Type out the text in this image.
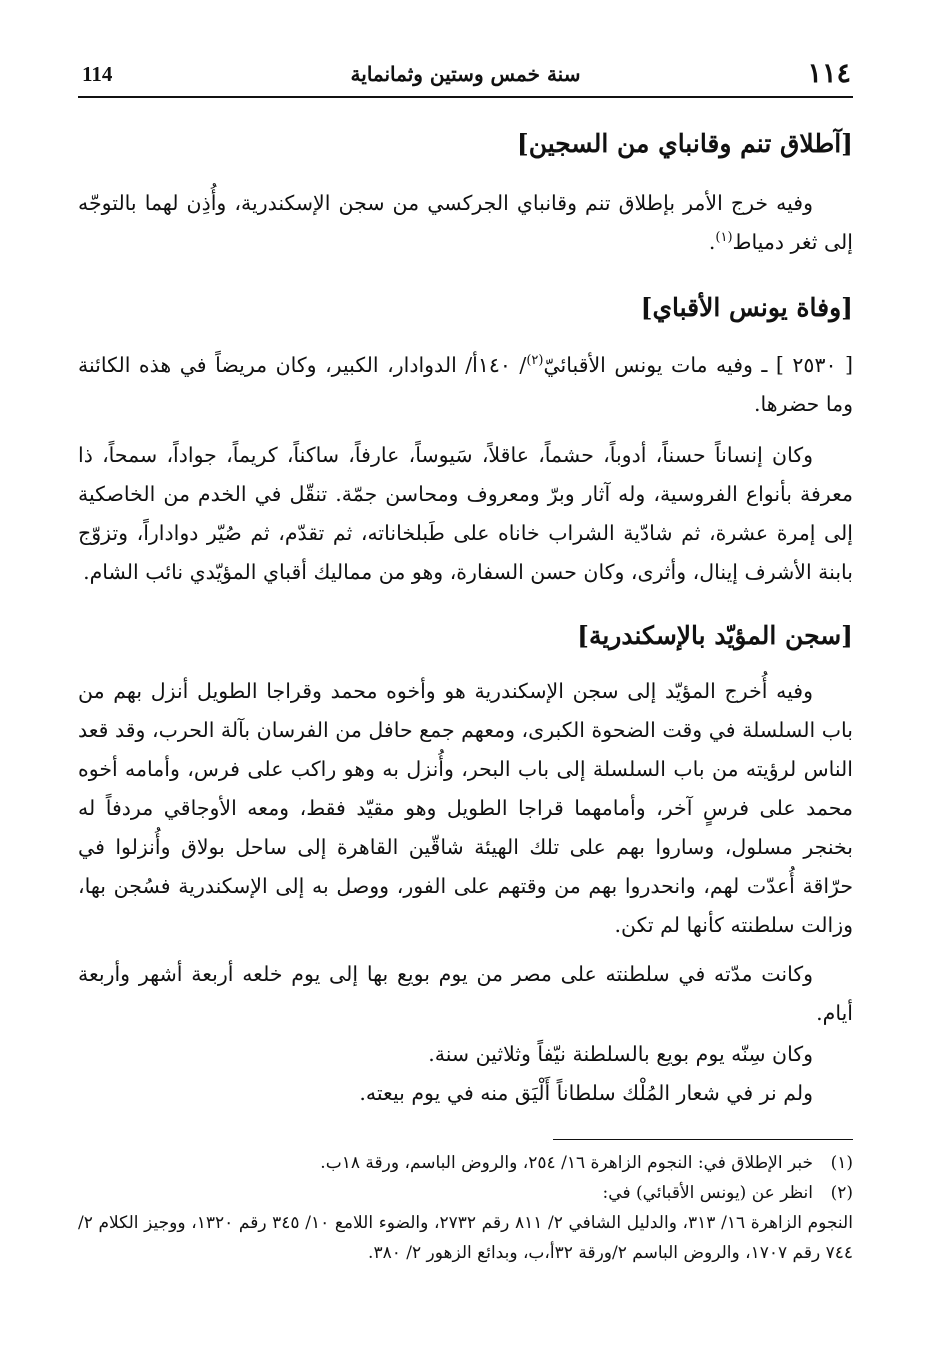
١١٤
سنة خمس وستين وثمانماية
114
[آطلاق تنم وقانباي من السجين]

وفيه خرج الأمر بإطلاق تنم وقانباي الجركسي من سجن الإسكندرية، وأُذِن لهما بالتوجّه إلى ثغر دمياط$^{(١)}$.

[وفاة يونس الأقباي]

[ ٢٥٣٠ ] ـ وفيه مات يونس الأقبائيّ$^{(٢)}$/ ١٤٠أ/ الدوادار، الكبير، وكان مريضاً في هذه الكائنة وما حضرها.

وكان إنساناً حسناً، أدوباً، حشماً، عاقلاً، سَيوساً، عارفاً، ساكناً، كريماً، جواداً، سمحاً، ذا معرفة بأنواع الفروسية، وله آثار وبرّ ومعروف ومحاسن جمّة. تنقّل في الخدم من الخاصكية إلى إمرة عشرة، ثم شادّية الشراب خاناه على طَبلخاناته، ثم تقدّم، ثم صُيّر دواداراً، وتزوّج بابنة الأشرف إينال، وأثرى، وكان حسن السفارة، وهو من مماليك أقباي المؤيّدي نائب الشام.

[سجن المؤيّد بالإسكندرية]

وفيه أُخرج المؤيّد إلى سجن الإسكندرية هو وأخوه محمد وقراجا الطويل أنزل بهم من باب السلسلة في وقت الضحوة الكبرى، ومعهم جمع حافل من الفرسان بآلة الحرب، وقد قعد الناس لرؤيته من باب السلسلة إلى باب البحر، وأُنزل به وهو راكب على فرس، وأمامه أخوه محمد على فرسٍ آخر، وأمامهما قراجا الطويل وهو مقيّد فقط، ومعه الأوجاقي مردفاً له بخنجر مسلول، وساروا بهم على تلك الهيئة شاقّين القاهرة إلى ساحل بولاق وأُنزلوا في حرّاقة أُعدّت لهم، وانحدروا بهم من وقتهم على الفور، ووصل به إلى الإسكندرية فسُجن بها، وزالت سلطنته كأنها لم تكن.

وكانت مدّته في سلطنته على مصر من يوم بويع بها إلى يوم خلعه أربعة أشهر وأربعة أيام.

وكان سِنّه يوم بويع بالسلطنة نيّفاً وثلاثين سنة.
ولم نر في شعار المُلْك سلطاناً أَلْيَق منه في يوم بيعته.
(١)
خبر الإطلاق في: النجوم الزاهرة ١٦/ ٢٥٤، والروض الباسم، ورقة ١٨ب.
(٢)
انظر عن (يونس الأقبائي) في:
النجوم الزاهرة ١٦/ ٣١٣، والدليل الشافي ٢/ ٨١١ رقم ٢٧٣٢، والضوء اللامع ١٠/ ٣٤٥ رقم ١٣٢٠، ووجيز الكلام ٢/ ٧٤٤ رقم ١٧٠٧، والروض الباسم ٢/ورقة ٣٢أ،ب، وبدائع الزهور ٢/ ٣٨٠.
